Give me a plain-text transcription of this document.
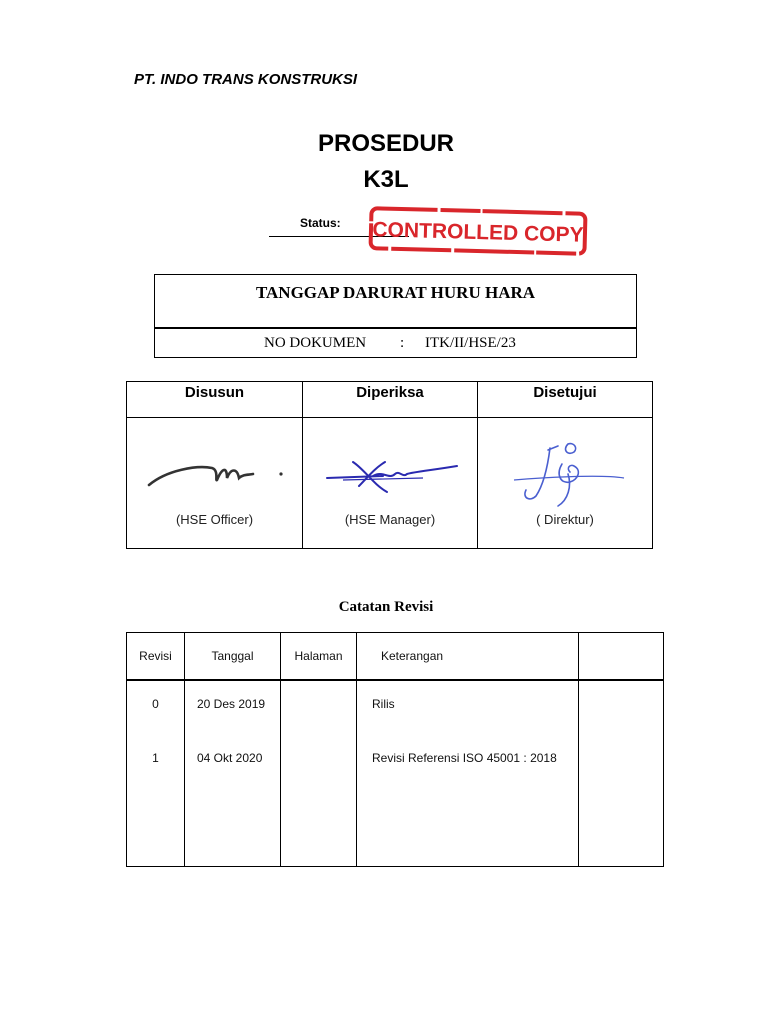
PT. INDO TRANS KONSTRUKSI
PROSEDUR
K3L
Status: CONTROLLED COPY
TANGGAP DARURAT HURU HARA
NO DOKUMEN : ITK/II/HSE/23
Disusun	Diperiksa	Disetujui

(HSE Officer)	(HSE Manager)	( Direktur)
Catatan Revisi
Revisi	Tanggal	Halaman	Keterangan	
0	20 Des 2019		Rilis	
1	04 Okt 2020		Revisi Referensi ISO 45001 : 2018	
